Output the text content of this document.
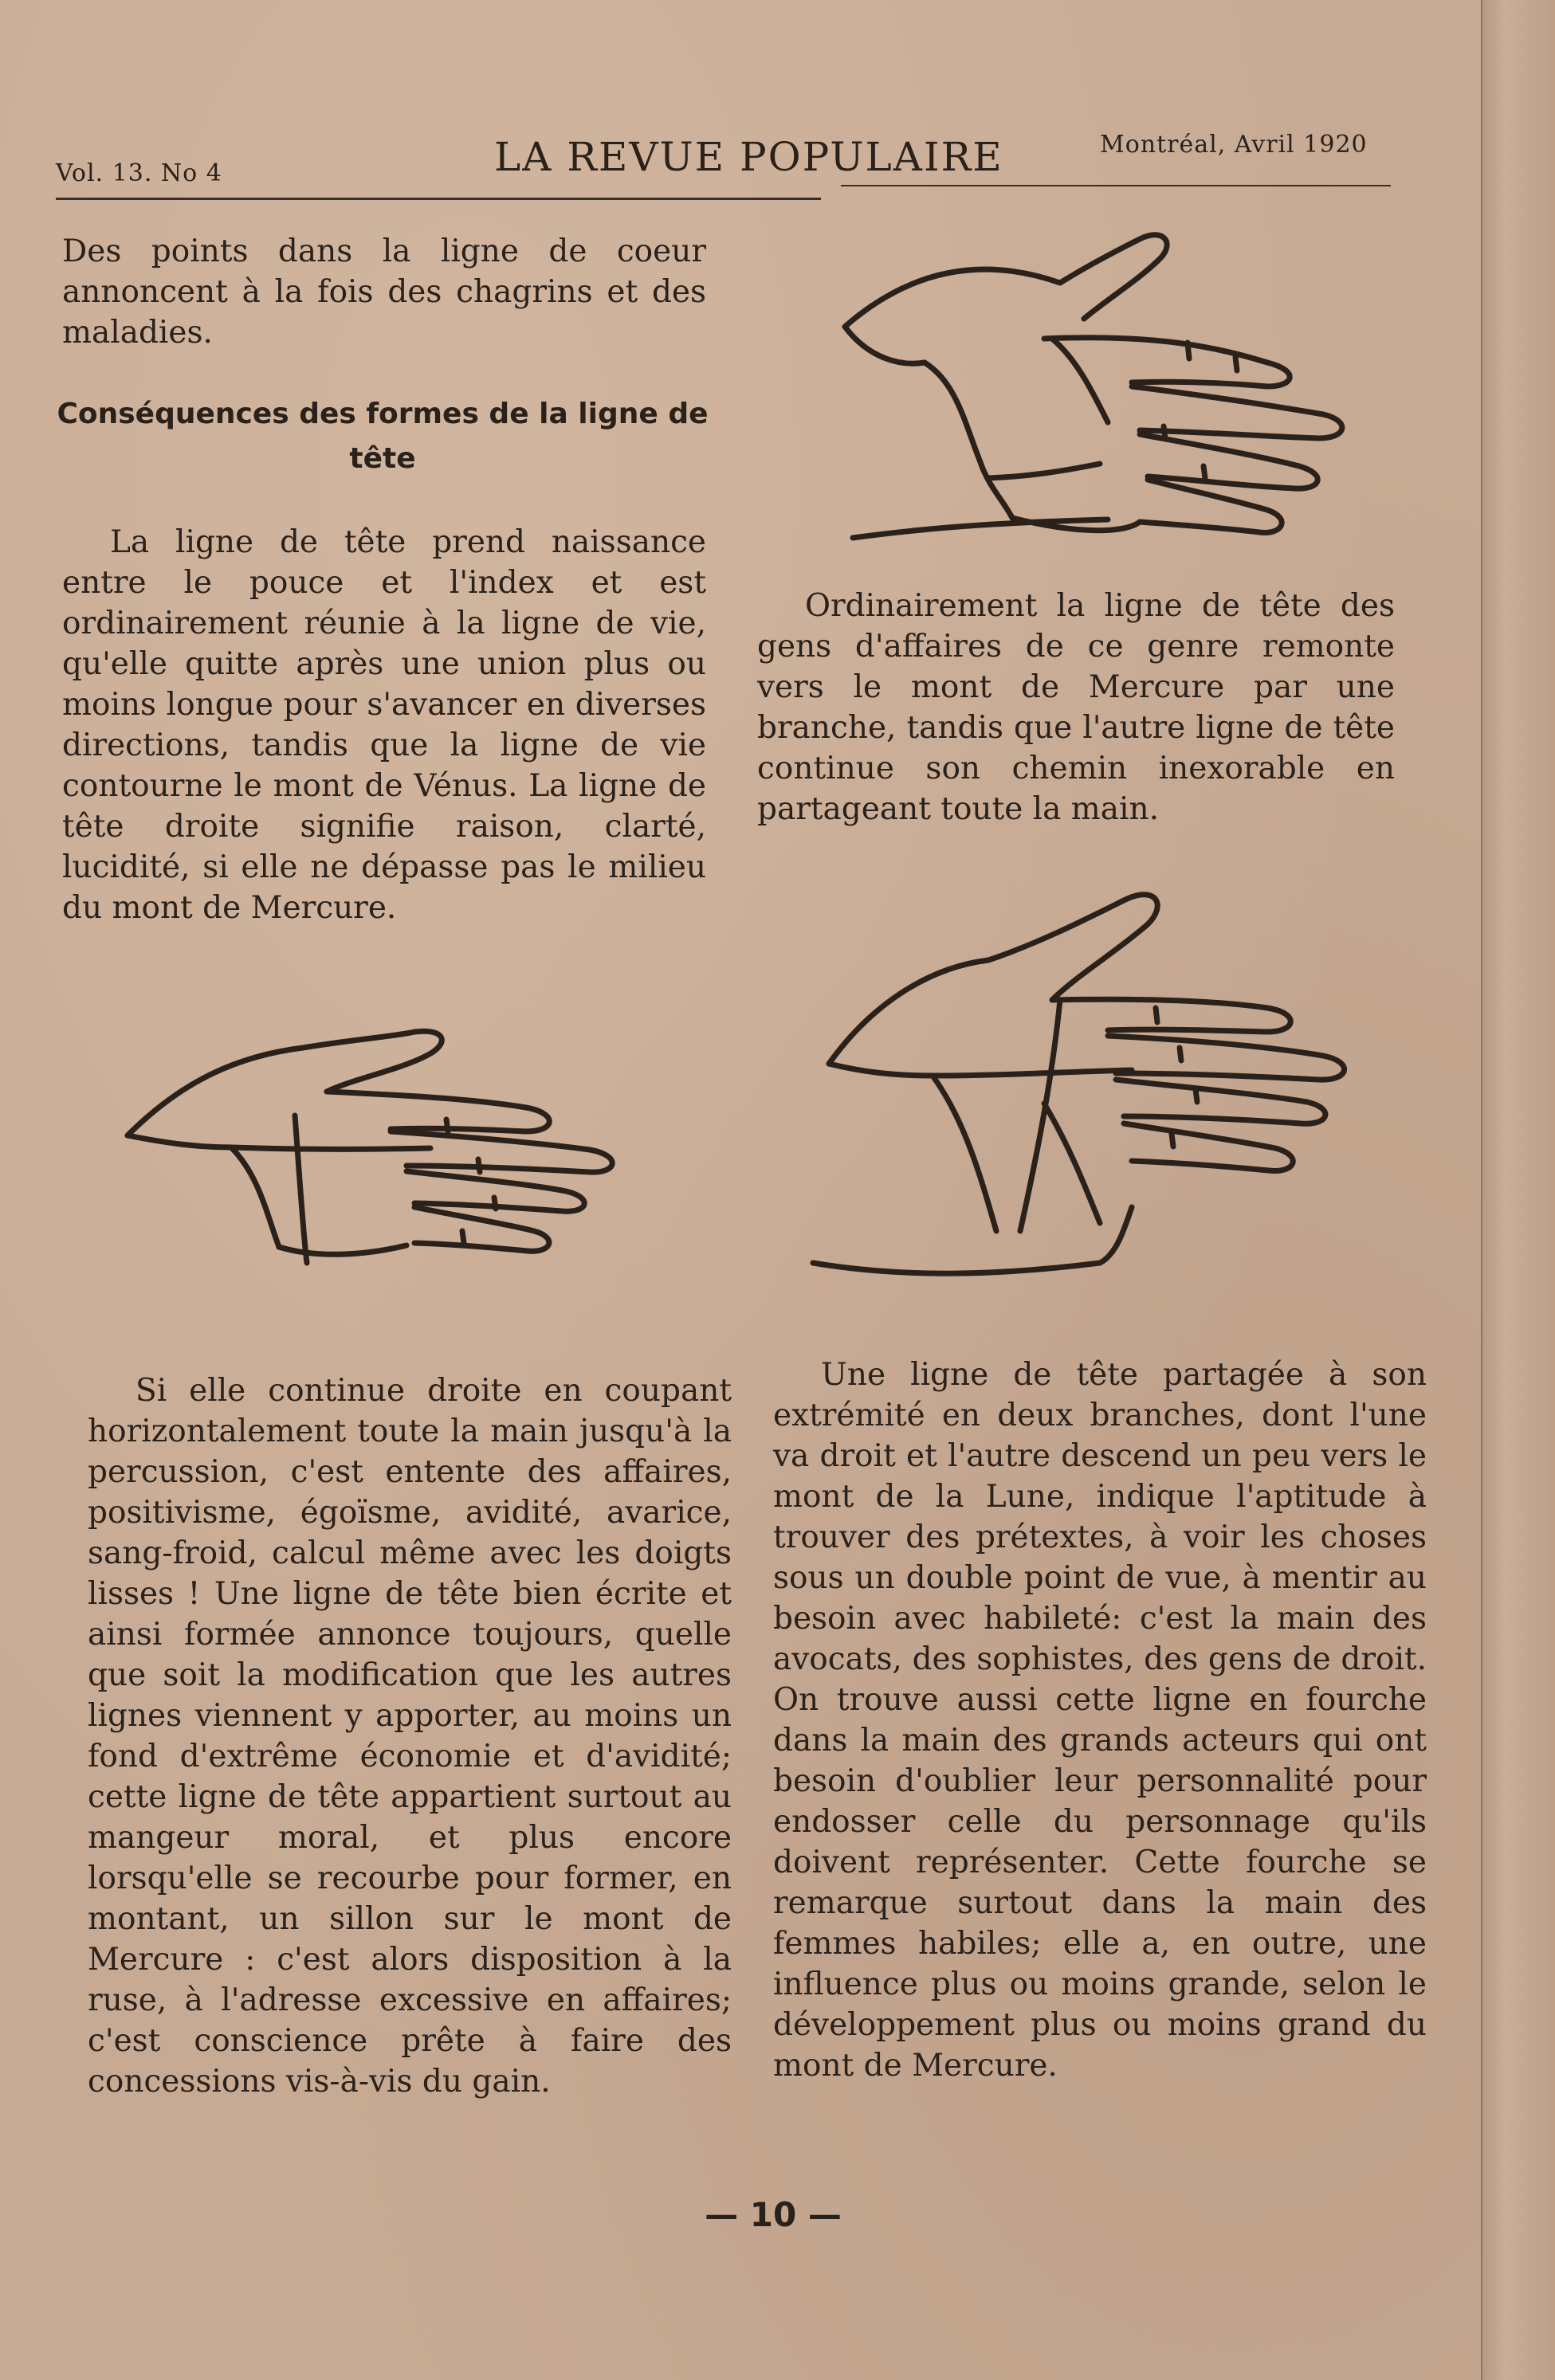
Vol. 13. No 4	LA REVUE POPULAIRE	Montréal, Avril 1920

Des points dans la ligne de coeur annoncent à la fois des chagrins et des maladies.

Conséquences des formes de la ligne de tête

La ligne de tête prend naissance entre le pouce et l'index et est ordinairement réunie à la ligne de vie, qu'elle quitte après une union plus ou moins longue pour s'avancer en diverses directions, tandis que la ligne de vie contourne le mont de Vénus. La ligne de tête droite signifie raison, clarté, lucidité, si elle ne dépasse pas le milieu du mont de Mercure.

Ordinairement la ligne de tête des gens d'affaires de ce genre remonte vers le mont de Mercure par une branche, tandis que l'autre ligne de tête continue son chemin inexorable en partageant toute la main.

Si elle continue droite en coupant horizontalement toute la main jusqu'à la percussion, c'est entente des affaires, positivisme, égoïsme, avidité, avarice, sang-froid, calcul même avec les doigts lisses ! Une ligne de tête bien écrite et ainsi formée annonce toujours, quelle que soit la modification que les autres lignes viennent y apporter, au moins un fond d'extrême économie et d'avidité; cette ligne de tête appartient surtout au mangeur moral, et plus encore lorsqu'elle se recourbe pour former, en montant, un sillon sur le mont de Mercure : c'est alors disposition à la ruse, à l'adresse excessive en affaires; c'est conscience prête à faire des concessions vis-à-vis du gain.

Une ligne de tête partagée à son extrémité en deux branches, dont l'une va droit et l'autre descend un peu vers le mont de la Lune, indique l'aptitude à trouver des prétextes, à voir les choses sous un double point de vue, à mentir au besoin avec habileté: c'est la main des avocats, des sophistes, des gens de droit. On trouve aussi cette ligne en fourche dans la main des grands acteurs qui ont besoin d'oublier leur personnalité pour endosser celle du personnage qu'ils doivent représenter. Cette fourche se remarque surtout dans la main des femmes habiles; elle a, en outre, une influence plus ou moins grande, selon le développement plus ou moins grand du mont de Mercure.

— 10 —
